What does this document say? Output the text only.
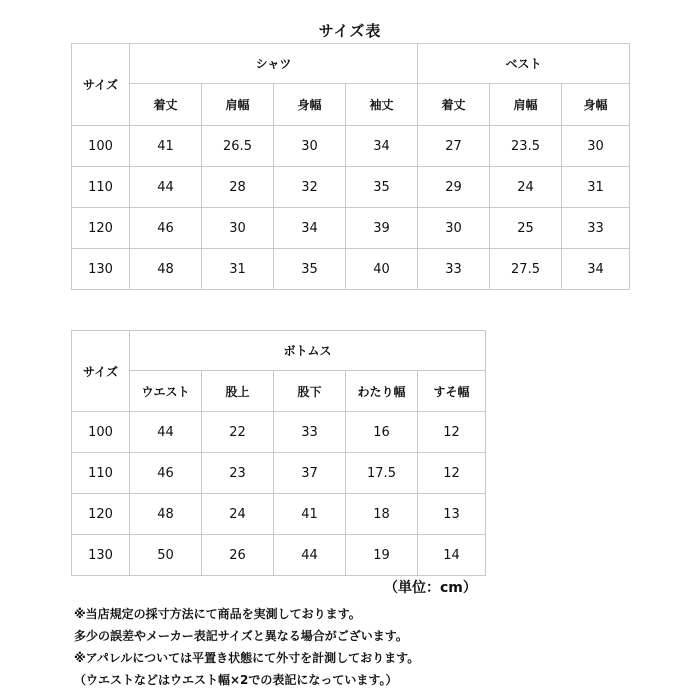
サイズ表
サイズ	シャツ				ベスト		
	着丈	肩幅	身幅	袖丈	着丈	肩幅	身幅
100	41	26.5	30	34	27	23.5	30
110	44	28	32	35	29	24	31
120	46	30	34	39	30	25	33
130	48	31	35	40	33	27.5	34
サイズ	ボトムス				
	ウエスト	股上	股下	わたり幅	すそ幅
100	44	22	33	16	12
110	46	23	37	17.5	12
120	48	24	41	18	13
130	50	26	44	19	14
（単位：cm）
※当店規定の採寸方法にて商品を実測しております。
多少の誤差やメーカー表記サイズと異なる場合がございます。
※アパレルについては平置き状態にて外寸を計測しております。
（ウエストなどはウエスト幅×2での表記になっています。）
